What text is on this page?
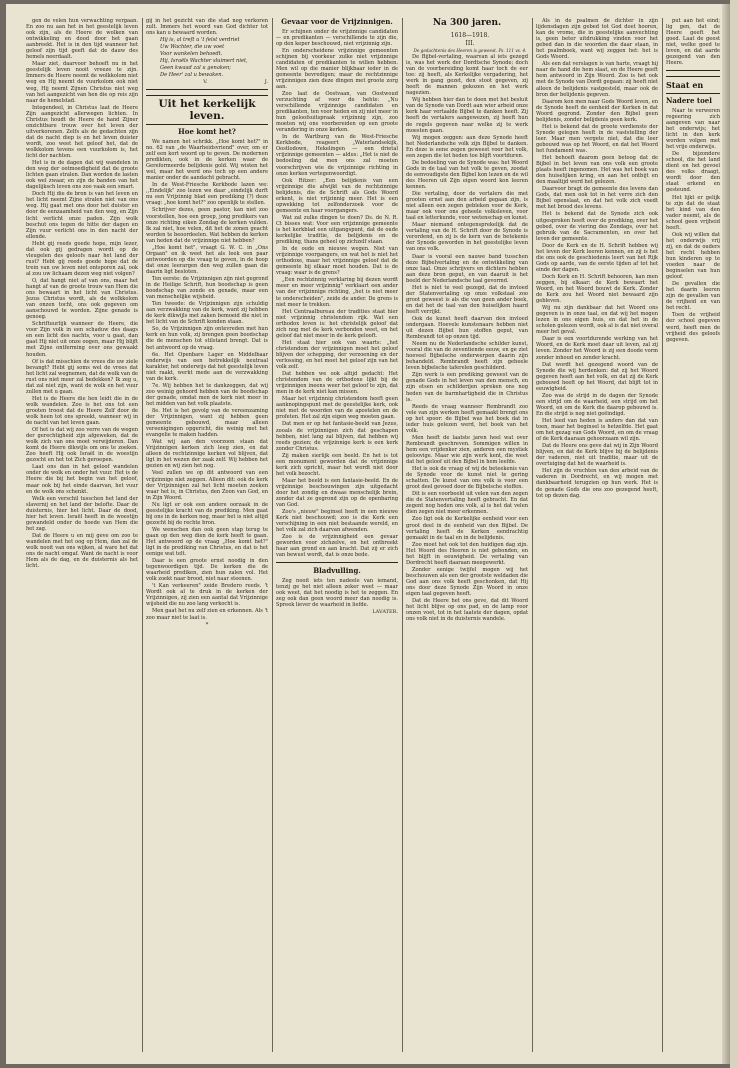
gen de velen hun verwachting vergaan. En zoo nu aan het in het geestelijk leven ook zijn, als de Heere de wolken van ontwikkeling en dood door het gaan aanbreekt. Het is in den tijd wanneer het geloof zijn tijd geeft dat de dauw des hemels neerdaalt.

Maar ziet, daarvoor behoeft nu in het geestelijk leven nooit vreeze te zijn. Immers de Heere neemt de wolkkolom niet weg en Hij neemt de vuurkolom ook niet weg, Hij neemt Zijnen Christus niet weg van het aangezicht van hen die op reis zijn naar de hemelstad.

Integendeel, in Christus laat de Heere Zijn aangezicht allerwegen lichten. In Christus houdt de Heere de hand Zijner onzichtbare trouw over het leven der uitverkorenen. Zelfs als de gedachten zijn dat de nacht diep is en het leven duister wordt, zoo weet het geloof het, dat de wolkkolom tevens een vuurkolom is, het licht der nachten.

Het is in de dagen dat wij wandelen in den weg der ootmoedigheid dat de groote lichten gaan stralen. Dan worden de lasten ook wel zwaar, en zijn de banden van het dagelijksch leven ons zoo vaak een smart.

Doch Hij die de bron is van het leven en het licht neemt Zijne stralen niet van ons weg. Hij gaat met ons door het duister en door de eenzaamheid van den weg, en Zijn licht verlicht onze paden. Zijn wolk beschut ons tegen de hitte der dagen en Zijn vuur verlicht ons in den nacht der ellende.

Hebt gij reeds goede hope, mijn lezer, dat ook gij gedragen wordt op de vleugelen des geloofs naar het land der rust? Hebt gij reeds goede hope dat de trein van uw leven niet ontsporen zal, ook al zou uw lichaam dezen weg niet volgen?

O, dat hangt niet af van ons, maar het hangt af van de groote trouw van Hem die ons bewaart in het licht van Christus. Jezus Christus wordt, als de wolkkolom van onzen tocht, ons ook gegeven om aanschouwd te worden. Zijne genade is genoeg.

Schriftuurlijk wanneer de Heere, die voor Zijn volk in een schaduw des daags en een licht des nachts, voor u gaat, dan gaat Hij niet uit onze oogen, maar Hij blijft met Zijne ontferming over ons gewaakt houden.

Of is dat misschien de vrees die uw ziele bevangt? Hebt gij soms wel de vrees dat het licht zal wegnemen, dat de wolk van de rust ons niet meer zal bedekken? Ik zeg u, dat zal niet zijn, want de wolk en het vuur zullen met u gaan.

Het is de Heere die hen leidt die in de wolk wandelen. Zoo is het ons tot een grooten troost dat de Heere Zelf door de wolk heen tot ons spreekt, wanneer wij in de nacht van het leven gaan.

Of het is dat wij zoo verre van de wegen der gerechtigheid zijn afgeweken, dat de wolk zich van ons moet verwijderen. Dan komt de Heere dikwijls om ons te zoeken. Zoo heeft Hij ook Israël in de woestijn gezocht en het tot Zich geroepen.

Laat ons dan in het geloof wandelen onder de wolk en onder het vuur. Het is de Heere die bij het begin van het geloof, maar ook bij het einde daarvan, het vuur en de wolk ons schenkt.

Welk een verschil tusschen het land der slavernij en het land der belofte. Daar de duisternis, hier het licht. Daar de dood, hier het leven. Israël heeft in de woestijn gewandeld onder de hoede van Hem die het zag.

Dat de Heere u en mij geve om zoo te wandelen met het oog op Hem, dan zal de wolk nooit van ons wijken, al ware het dat ons de nacht omgaf. Want de nacht is voor Hem als de dag, en de duisternis als het licht.

gij in het gezicht van die stad nog verkoren zult. Immers het woord van God dichter tot ons kan u bewaard worden.

Hij is, al treft u 't felst verdriet

Uw Wachter, die uw voet

Voor wankelen behoedt.

Hij, Israëls Wachter sluimert niet,

Geen kwaad zal u genaken;

De Heer' zal u bewaken.

V.                                    J.

Uit het kerkelijk leven.
Hoe komt het?

We namen het schrikk. „Hoe komt het?" in no. 62 van „de Waarheidsvriend" over, om er zelf een kort woord op te geven. De modernen predikten, ook in de kerken waar de Gereformeerde belijdenis gold. Wij wisten het wel, maar het werd ons toch op een andere manier onder de aandacht gebracht.

In de West-Friesche Kerkbode lazen we: ,,Eindelijk" zoo lezen we daar „eindelijk durft nu een Vrijzinnig blad een prediking (?) deze vraag: „hoe komt het?" zoo openlijk te stellen.

Schrijver dezes, geen pastor, kan niet zoo voorstellen, hoe een groep, jong predikers van onze richting eiken Zondag de kerken vulden. Ik zal niet, hoe velen, dit het de zonen geacht worden te beoordeelen. Wat hebben de kerken van heden dat de vrijzinnige niet hebben?

„Hoe komt het", vraagt G. W. C. in „Ons Orgaan" en ik weet het als leek een paar antwoorden op die vraag te geven, in de hoop dat onze leerargen den weg zullen gaan die daarin ligt besloten.

Ten eerste: de Vrijzinnigen zijn niet gegrond in de Heilige Schrift, hun boodschap is geen boodschap van zonde en genade, maar een van menschelijke wijsheid.

Ten tweede: de Vrijzinnigen zijn schuldig aan verzwakking van de kerk, want zij hebben de kerk dikwijls met zaken bemoeid die niet in het licht van de Schrift konden staan.

So, de Vrijzinnigen zijn ontevreden met hun kerk en hun volk, zij brengen geen boodschap die de menschen tot stilstand brengt. Dat is het antwoord op de vraag.

6e. Het Openbare Lager en Middelbaar onderwijs van een betrekkelijk neutraal karakter, het onderwijs dat het geestelijk leven niet raakt, werkt mede aan de verzwakking van de kerk.

7e. Wij hebben het te dankzeggen, dat wij zoo weinig gehoord hebben van de boodschap der genade, omdat men de kerk niet meer in het midden van het volk plaatste.

8e. Het is het gevolg van de vereenzaming der Vrijzinnigen, want zij hebben geen gemeente gebouwd, maar alleen vereenigingen opgericht, die weinig met het evangelie te maken hadden.

Wat wij aan den voorzoon staan dat Vrijzinnigen kerken zich leeg zien, en dat alleen de rechtzinnige kerken vol blijven, dat ligt in het wezen der zaak zelf. Wij hebben het gezien en wij zien het nog.

Veel zullen we op dit antwoord van een vrijzinnige niet zeggen. Alleen dit: ook de kerk der Vrijzinnigen zal het licht moeten zoeken waar het is, in Christus, den Zoon van God, en in Zijn Woord.

Nu ligt er ook een andere oorzaak in de geestelijke kracht van de prediking. Men gaat bij ons in de kerken nog, maar het is niet altijd gezocht bij de rechte bron.

We wenschen dan ook geen stap terug te gaan op den weg dien de kerk heeft te gaan. Het antwoord op de vraag „Hoe komt het?" ligt in de prediking van Christus, en dat is het eenige wat telt.

Daar is een groote ernst noodig in den tegenwoordigen tijd. De kerken die de waarheid prediken, zien hun zalen vol. Het volk zoekt naar brood, niet naar steenen.

't Kan verkeeren" zeide Bredero reeds. 't Wordt ook al te druk in de kerken der Vrijzinnigen, zij zien een aantal dat Vrijzinnige wijsheid die nu zoo lang verkocht is.

Men gaat het nu zelf zien en erkennen. Als 't zoo maar niet te laat is.

*

Gevaar voor de Vrijzinnigen.

Er schijnen onder de vrijzinnige candidaten — en predikanten — verschillende te zijn die, op den keper beschouwd, niet vrijzinnig zijn.

En onderscheidene vrijzinnige gemeenten schijnen bij voorkeur zulke niet vrijzinnige candidaten of predikanten te willen hebben. Men wil op die manier blijkbaar ieder in de gemeente bevredigen; maar de rechtzinnige vrijzinnigen zien deze dingen met groote zorg aan.

Zoo laat de Oostvaan, van Oostwoud verzuchting af voor de hehte: „Nu verschillende vrijzinnige candidaten en predikanten, ten voor heden en zij niet meer in hun geloofsuitspraak vrijzinnig zijn, zoo moeten wij ons voorbereiden op een groote verandering in onze kerken.

In de Wartburg van de West-Friesche Kerkbode, reageert „Waterlandsekijk, Oostlodown, Hekelingen — een drietal vrijzinnige gemeenten — aldus: „Het is niet de bedoeling dat men ons zal moeten voorschrijven wie de vrijzinnige richting in onze kerken vertegenwoordigt.

Ook Ritzer: „Een belijdenis van een vrijzinnige die afwijkt van de rechtzinnige belijdenis, die de Schrift als Gods Woord erkent, is niet vrijzinnig meer. Het is een opwekking tot zelfonderzoek voor de gemeente en haar voorgangers.

Wat zal zulke dingen te doen? Ds. de N. R. Ct bisses wat: Voor een vrijzinnige gemeente is het kerkblad een uitgangspunt, dat de oude kerkelijke traditie, de belijdenis en de prediking, thans geheel op zichzelf staan.

In de oude en nieuwe wegen. Niet van vrijzinnige voorgangers, en wat het is niet het orthodoxe, maar het vrijzinnige geloof dat de gemeente bij elkaar moet houden. Dat is de vraag: waar is de grens?

„Een rechtzinnig verklaring bij dezen wordt meer en meer vrijzinnig" verklaart een ander van der vrijzinnige richting, „het is niet meer te onderscheiden", zeide de ander. De grens is niet meer te trekken.

Het Centraalbureau der tradities staat hier niet vrijzinnig christendom rijk. Wat een orthodox leven is: het christelijk geloof dat zich nog met de kerk verbonden weet, en het geloof dat niet meer in de kerk gelooft.

Het staat hier ook van waarts: „het christendom der vrijzinnigen moet het geloof blijven der schepping, der verzoening en der verlossing, en het moet het geloof zijn van het volk zelf.

Dat hebben we ook altijd gedacht: Het christendom van de orthodoxe lijkt bij de vrijzinnigen ineens weer het geloof te zijn, dat men in de kerk niet kan missen.

Maar het vrijzinnig christendom heeft geen aanknopingspunt met de geestelijke kerk, ook niet met de woorden van de apostelen en de profeten. Het zal zijn eigen weg moeten gaan.

Dat men er op het fantasie-beeld van Jezus, zooals de vrijzinnigen zich dat geschapen hebben, niet lang zal blijven, dat hebben wij reeds gezien; de vrijzinnige kerk is een kerk zonder Christus.

Zij maken sierlijk een beeld. En het is tot een monument geworden dat de vrijzinnige kerk zich opricht, maar het wordt niet door het volk bezocht.

Maar het beeld is een fantasie-beeld. En de vrijzinnige beschouwingen zijn uitgedacht door het zondig en dwaas menschelijk brein, zonder dat ze gegrond zijn op de openbaring van God.

Zoo's „nieuw" beginsel heeft in een nieuwe Kerk niet beschouwd; zoo is die Kerk een verschijning in een niet bestaande wereld, en het volk zal zich daarvan afwenden.

Zoo is de vrijzinnigheid een gevaar geworden voor zichzelve, en het ontbreekt haar aan grond en aan kracht. Dat zij er zich van bewust wordt, dat is onze bede.

Bladvulling.

Zeg nooit iets ten nadeele van iemand, tenzij ge het niet alleen zeker weet — maar ook weet, dat het noodig is het te zeggen. En zeg ook dan geen woord meer dan noodig is. Spreek liever de waarheid in liefde.

LAVATER.

Na 300 jaren.

1618—1918.

III.

De gedachtenis des Heeren is geweest. Ps. 111 vs. 4.

De Bijbel-vertaling, waarvan al iets gezegd is, was het werk der Dordtsche Synode; doch van de voorbereiding komt haar toch de eer toe: zij heeft, als Kerkelijke vergadering, het werk in gang gezet, den stoot gegeven, zij heeft de mannen gekozen en het werk nagezien.

Wij hebben hier dan te doen met het besluit van de Synode van Dordt aan wier arbeid onze kerk haar vertaalde Bijbel te danken heeft. Zij heeft de vertalers aangewezen, zij heeft hun de regels gegeven naar welke zij te werk moesten gaan.

Wij mogen zeggen: aan deze Synode heeft het Nederlandsche volk zijn Bijbel te danken. En deze is eene zegen geweest voor het volk, een zegen die tot heden toe blijft voortduren.

De bedoeling van de Synode was: het Woord Gods in de taal van het volk te geven, zoodat de eenvoudigste den Bijbel kon lezen en de wil des Heeren uit Zijn eigen woord kon leeren kennen.

Die vertaling, door de vertalers die met grooten ernst aan den arbeid gegaan zijn, is niet alleen een zegen gebleken voor de Kerk, maar ook voor ons geheele volksleven, voor taal en letterkunde, voor wetenschap en kunst.

Maar niemand ontegensprekelijk dat de vertaling van de H. Schrift door de Synode is verordend, en zij is de kern van de betekenis der Synode geworden in het geestelijke leven van ons volk.

Daar is vooral een nauwe band tusschen deze Bijbelvertaling en de ontwikkeling van onze taal. Onze schrijvers en dichters hebben aan deze bron geput, en van daaruit is het beeld der Nederlandsche taal gevormd.

Het is niet te veel gezegd, dat de invloed der Statenvertaling op onze volkstaal zoo groot geweest is als die van geen ander boek, en dat het de taal van den huiselijken haard heeft verrijkt.

Ook de kunst heeft daarvan den invloed ondergaan. Hoevele kunstenaars hebben niet uit dezen Bijbel hun stoffen geput, van Rembrandt tot op onzen tijd.

Neem nu de Nederlandsche schilder kunst, vooral die van de zeventiende eeuw, en ge ziet hoeveel Bijbelsche onderwerpen daarin zijn behandeld. Rembrandt heeft zijn geheele leven bijbelsche taferelen geschilderd.

Zijn werk is een prediking geweest van de genade Gods in het leven van den mensch, en zijn etsen en schilderijen spreken ons nog heden van de barmhartigheid die in Christus is.

Reeds de vraag wanneer Rembrandt zoo vele van zijn werken heeft gemaakt brengt ons op het spoor: de Bijbel was het boek dat in ieder huis gelezen werd, het boek van het volk.

Men heeft de laatste jaren heel wat over Rembrandt geschreven. Sommigen willen in hem een vrijdenker zien, anderen een mystiek geloovige. Maar wie zijn werk kent, die weet dat het geloof uit den Bijbel in hem leefde.

Het is ook de vraag of wij de beteekenis van de Synode voor de kunst niet te gering schatten. De kunst van ons volk is voor een groot deel gevoed door de Bijbelsche stoffen.

Dit is een voorbeeld uit velen van den zegen die de Statenvertaling heeft gebracht. En dat zegent nog heden ons volk, al is het dat velen dien zegen niet meer erkennen.

Zoo ligt ook de Kerkelijke eenheid voor een groot deel in de eenheid van den Bijbel. De vertaling heeft de Kerken eendrachtig gemaakt in de taal en in de belijdenis.

Zoo moet het ook tot den huidigen dag zijn. Het Woord des Heeren is niet gebonden, en het blijft in eeuwigheid. De vertaling van Dordrecht heeft daaraan meegewerkt.

Zonder eenige twijfel mogen wij het beschouwen als een der grootste weldaden die God aan ons volk heeft geschonken, dat Hij ons door deze Synode Zijn Woord in onze eigen taal gegeven heeft.

Dat de Heere het ons geve, dat dit Woord het licht blijve op ons pad, en de lamp voor onzen voet, tot in het laatste der dagen, opdat ons volk niet in de duisternis wandele.

Als in de psalmen de dichter in zijn lijdensdagen zijn gebed tot God doet hooren, kan de vrome, die in geestelijke aanvechting is, geen beter uitdrukking vinden voor het gebed dan in die woorden die daar staan, in het psalmboek, want wij zeggen het: het is Gods Woord.

Als een dat verslagen is van harte, vraagt hij naar de hand die hem slaat, en de Heere geeft hem antwoord in Zijn Woord. Zoo is het ook met de Synode van Dordt gegaan: zij heeft niet alleen de belijdenis vastgesteld, maar ook de bron der belijdenis gegeven.

Daarom kon men naar Gods Woord leven, en de Synode heeft de eenheid der Kerken in dat Woord gegrond. Zonder den Bijbel geen belijdenis, zonder belijdenis geen kerk.

Het is bekend dat de groote verdienste der Synode gelegen heeft in de vaststelling der leer. Maar men vergete niet, dat die leer gebouwd was op het Woord, en dat het Woord het fundament was.

Het behoeft daarom geen betoog dat de Bijbel in het leven van ons volk een groote plaats heeft ingenomen. Het was het boek van den huiselijken kring, en aan het ontbijt en den maaltijd werd het gelezen.

Daarvoor bragt de gemeente des levens dan Gods, dat men ook tot in het verre zich den Bijbel openslaat, en dat het volk zich voedt met het brood des levens.

Het is bekend dat de Synode zich ook uitgesproken heeft over de prediking, over het gebed, over de viering des Zondags, over het gebruik van de Sacramenten, en over het leven der gemeente.

Door de Kerk en de H. Schrift hebben wij het leven der Kerk leeren kennen, en zij is het die ons ook de geschiedenis leert van het Rijk Gods op aarde, van de eerste tijden af tot het einde der dagen.

Doch Kerk en H. Schrift behooren, kan men zeggen, bij elkaar; de Kerk bewaart het Woord, en het Woord bouwt de Kerk. Zonder de Kerk zou het Woord niet bewaard zijn gebleven.

Wij nu zijn dankbaar dat het Woord ons gegeven is in onze taal, en dat wij het mogen lezen in ons eigen huis, en dat het in de scholen gelezen wordt, ook al is dat niet overal meer het geval.

Daar is een voortdurende werking van het Woord, en de Kerk moet daar uit leven, zal zij leven. Zonder het Woord is zij een doode vorm zonder inhoud en zonder kracht.

Dat wordt het gezegend woord van de Synode die wij herdenken: dat zij het Woord gegeven heeft aan het volk, en dat zij de Kerk gebouwd heeft op het Woord, dat blijft tot in eeuwigheid.

Zoo was de strijd in de dagen der Synode een strijd om de waarheid, een strijd om het Woord, en om de Kerk die daarop gebouwd is. En die strijd is nog niet geëindigd.

Het leed van heden is anders dan dat van toen, maar het beginsel is hetzelfde. Het gaat om het gezag van Gods Woord, en om de vraag of de Kerk daaraan gehoorzaam wil zijn.

Dat de Heere ons geve dat wij in Zijn Woord blijven, en dat de Kerk blijve bij de belijdenis der vaderen, niet uit traditie, maar uit de overtuiging dat het de waarheid is.

Het zijn de vruchten van den arbeid van de vaderen in Dordrecht, en wij mogen met dankbaarheid terugzien op hun werk. Het is de genade Gods die ons zoo gezegend heeft, tot op dezen dag.

put aan het eind; lig gen, dat de Heere geeft het goed. Laat de geest niet, welke goed te leven, en dat aarde gezegend van den Heere.

Staat en
Nadere toel

Naar te verweren regeering zich aangeven van naar het onderwijs; het licht in den kerk worden volgen met het vrije onderwijs.

De bijzondere school, die het land dient en het gevoel des volks draagt, wordt door den staat erkend en gesteund.

Het lijkt er gelijk te zijn dat de staat het kind van den vader neemt, als de school geen vrijheid heeft.

Ook wij willen dat het onderwijs vrij zij, en dat de ouders het recht hebben hun kinderen op te voeden naar de beginselen van hun geloof.

De gevallen die het daarin leeren zijn de gevallen van de vrijheid en van het recht.

Toen de vrijheid der school gegeven werd, heeft men de vrijheid des geloofs gegeven.
